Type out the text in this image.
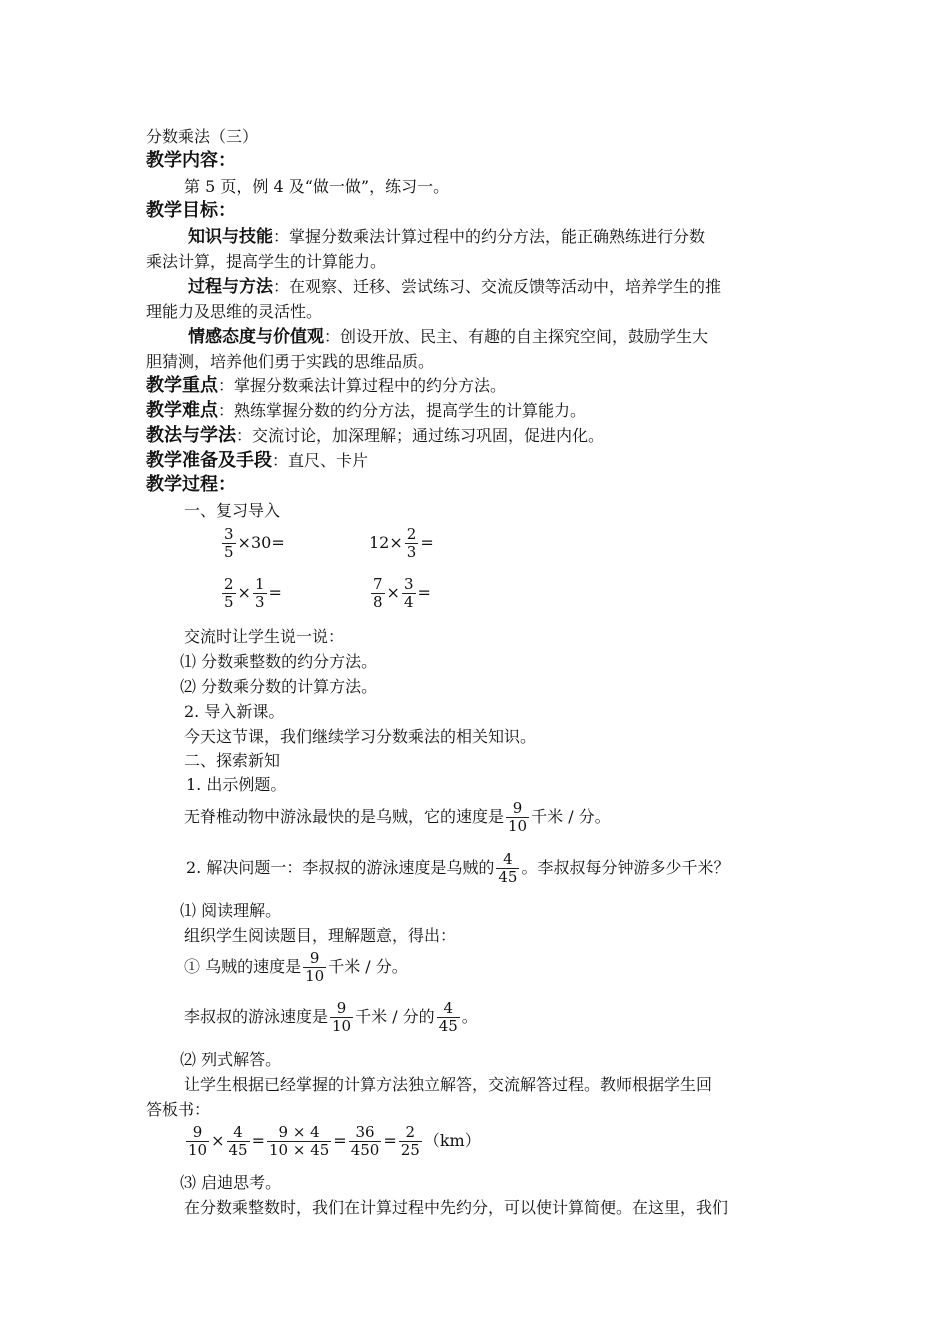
分数乘法（三）
教学内容：
第 5 页，例 4 及“做一做”，练习一。
教学目标：
知识与技能：掌握分数乘法计算过程中的约分方法，能正确熟练进行分数
乘法计算，提高学生的计算能力。
过程与方法：在观察、迁移、尝试练习、交流反馈等活动中，培养学生的推
理能力及思维的灵活性。
情感态度与价值观：创设开放、民主、有趣的自主探究空间，鼓励学生大
胆猜测，培养他们勇于实践的思维品质。
教学重点：掌握分数乘法计算过程中的约分方法。
教学难点：熟练掌握分数的约分方法，提高学生的计算能力。
教法与学法：交流讨论，加深理解；通过练习巩固，促进内化。
教学准备及手段：直尺、卡片
教学过程：
一、复习导入
$\frac{3}{5} \times 30=$	$12\times \frac{2}{3}$ =
$\frac{2}{5} \times \frac{1}{3}$ =	$\frac{7}{8} \times \frac{3}{4}$ =
交流时让学生说一说：
⑴ 分数乘整数的约分方法。
⑵ 分数乘分数的计算方法。
2. 导入新课。
今天这节课，我们继续学习分数乘法的相关知识。
二、探索新知
1. 出示例题。
无脊椎动物中游泳最快的是乌贼，它的速度是 $\frac{9}{10}$ 千米 / 分。
2. 解决问题一：李叔叔的游泳速度是乌贼的 $\frac{4}{45}$ 。李叔叔每分钟游多少千米？
⑴ 阅读理解。
组织学生阅读题目，理解题意，得出：
① 乌贼的速度是 $\frac{9}{10}$ 千米 / 分。
李叔叔的游泳速度是 $\frac{9}{10}$ 千米 / 分的 $\frac{4}{45}$ 。
⑵ 列式解答。
让学生根据已经掌握的计算方法独立解答，交流解答过程。教师根据学生回
答板书：
$\frac{9}{10} \times \frac{4}{45} = \frac{9 \times 4}{10 \times 45} = \frac{36}{450} = \frac{2}{25} (km)$
⑶ 启迪思考。
在分数乘整数时，我们在计算过程中先约分，可以使计算简便。在这里，我们
